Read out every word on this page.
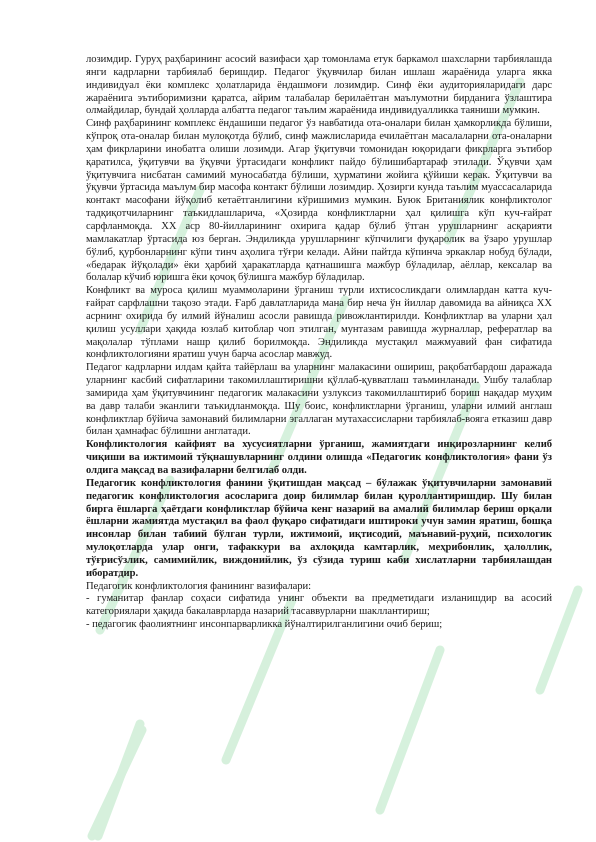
лозимдир. Гуруҳ раҳбарининг асосий вазифаси ҳар томонлама етук баркамол шахсларни тарбиялашда янги кадрларни тарбиялаб беришдир. Педагог ўқувчилар билан ишлаш жараёнида уларга якка индивидуал ёки комплекс ҳолатларида ёндашмоғи лозимдир. Синф ёки аудиторияларидаги дарс жараёнига эътиборимизни қаратса, айрим талабалар берилаётган маълумотни бирданига ўзлаштира олмайдилар, бундай ҳолларда албатта педагог таълим жараёнида индивидуалликка таяниши мумкин.

Синф раҳбарининг комплекс ёндашиши педагог ўз навбатида ота-оналари билан ҳамкорликда бўлиши, кўпроқ ота-оналар билан мулоқотда бўлиб, синф мажлисларида ечилаётган масалаларни ота-оналарни ҳам фикрларини инобатга олиши лозимди. Агар ўқитувчи томонидан юқоридаги фикрларга эътибор қаратилса, ўқитувчи ва ўқувчи ўртасидаги конфликт пайдо бўлишибартараф этилади. Ўқувчи ҳам ўқитувчига нисбатан самимий муносабатда бўлиши, ҳурматини жойига қўйиши керак. Ўқитувчи ва ўқувчи ўртасида маълум бир масофа контакт бўлиши лозимдир. Ҳозирги кунда таълим муассасаларида контакт масофани йўқолиб кетаётганлигини кўришимиз мумкин. Буюк Британиялик конфликтолог тадқиқотчиларнинг таъкидлашларича, «Ҳозирда конфликтларни ҳал қилишга кўп куч-ғайрат сарфланмоқда. XX аср 80-йилларининг охирига қадар бўлиб ўтган урушларнинг асқарияти мамлакатлар ўртасида юз берган. Эндиликда урушларнинг кўпчилиги фуқаролик ва ўзаро урушлар бўлиб, қурбонларнинг кўпи тинч аҳолига тўғри келади. Айни пайтда кўпинча эркаклар нобуд бўлади, «бедарак йўқолади» ёки ҳарбий ҳаракатларда қатнашишга мажбур бўладилар, аёллар, кексалар ва болалар кўчиб юришга ёки қочоқ бўлишга мажбур бўладилар.

Конфликт ва муроса қилиш муаммоларини ўрганиш турли ихтисосликдаги олимлардан катта куч-ғайрат сарфлашни тақозо этади. Ғарб давлатларида мана бир неча ўн йиллар давомида ва айниқса XX асрнинг охирида бу илмий йўналиш асосли равишда ривожлантирилди. Конфликтлар ва уларни ҳал қилиш усуллари ҳақида юзлаб китоблар чоп этилган, мунтазам равишда журналлар, рефератлар ва мақолалар тўплами нашр қилиб борилмоқда. Эндиликда мустақил мажмуавий фан сифатида конфликтологияни яратиш учун барча асослар мавжуд.

Педагог кадрларни илдам қайта тайёрлаш ва уларнинг малакасини ошириш, рақобатбардош даражада уларнинг касбий сифатларини такомиллаштиришни қўллаб-қувватлаш таъминланади. Ушбу талаблар замирида ҳам ўқитувчининг педагогик малакасини узлуксиз такомиллаштириб бориш нақадар муҳим ва давр талаби эканлиги таъкидланмоқда. Шу боис, конфликтларни ўрганиш, уларни илмий англаш конфликтлар бўйича замонавий билимларни эгаллаган мутахассисларни тарбиялаб-вояга етказиш давр билан ҳамнафас бўлишни англатади.

Конфликтология кайфият ва хусусиятларни ўрганиш, жамиятдаги инқирозларнинг келиб чиқиши ва ижтимоий тўқнашувларнинг олдини олишда «Педагогик конфликтология» фани ўз олдига мақсад ва вазифаларни белгилаб олди.

Педагогик конфликтология фанини ўқитишдан мақсад – бўлажак ўқитувчиларни замонавий педагогик конфликтология асосларига доир билимлар билан қуроллантиришдир. Шу билан бирга ёшларга ҳаётдаги конфликтлар бўйича кенг назарий ва амалий билимлар бериш орқали ёшларни жамиятда мустақил ва фаол фуқаро сифатидаги иштироки учун замин яратиш, бошқа инсонлар билан табиий бўлган турли, ижтимоий, иқтисодий, маънавий-руҳий, психологик мулоқотларда улар онги, тафаккури ва ахлоқида камтарлик, меҳрибонлик, ҳалоллик, тўғрисўзлик, самимийлик, виждонийлик, ўз сўзида туриш каби хислатларни тарбиялашдан иборатдир.

Педагогик конфликтология фанининг вазифалари:

- гуманитар фанлар соҳаси сифатида унинг объекти ва предметидаги изланишдир ва асосий категориялари ҳақида бакалаврларда назарий тасаввурларни шакллантириш;
- педагогик фаолиятнинг инсонпарварликка йўналтирилганлигини очиб бериш;
